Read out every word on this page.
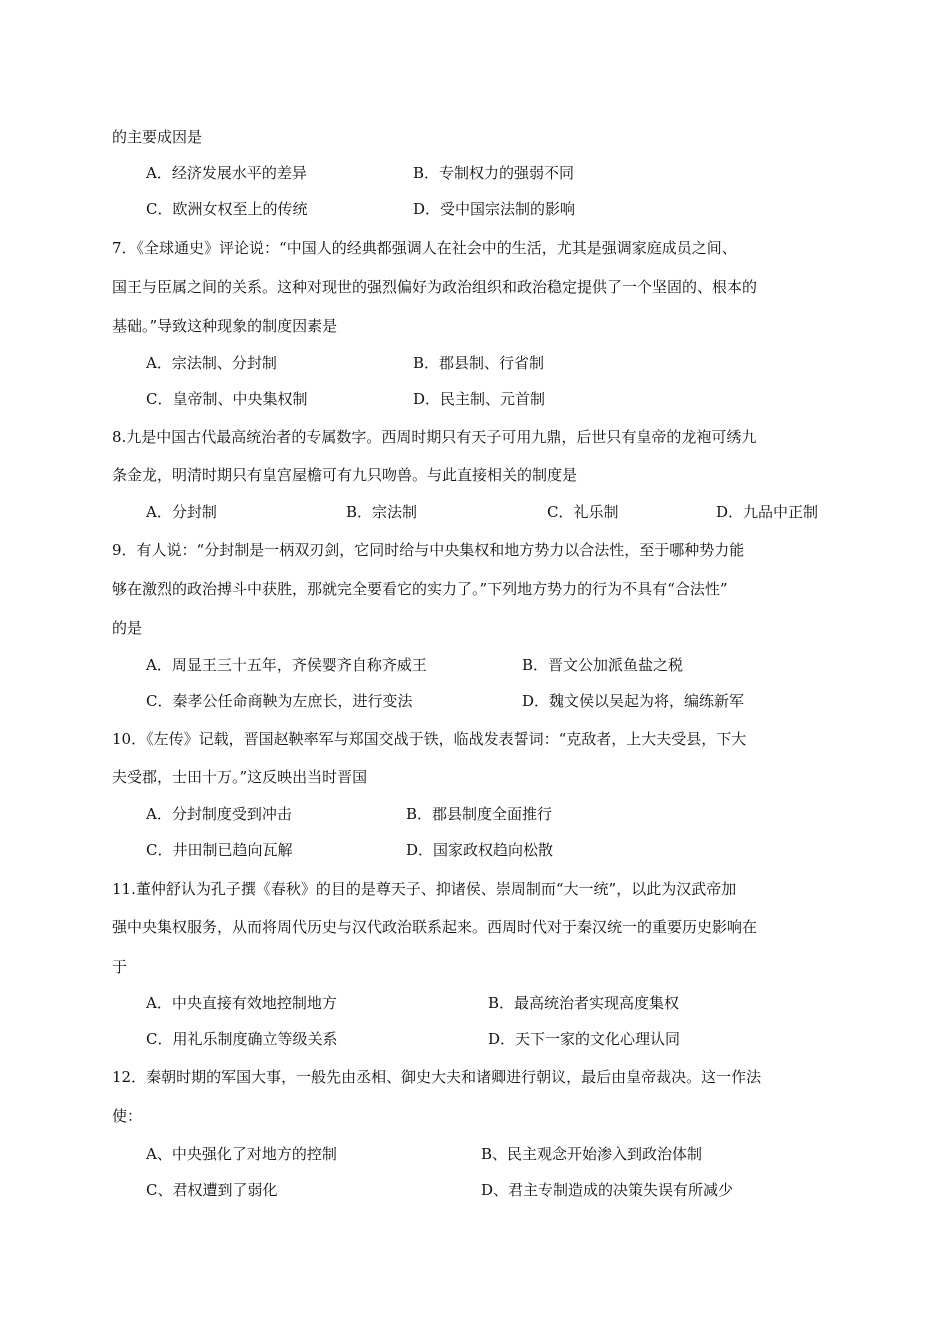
的主要成因是
A．经济发展水平的差异	B．专制权力的强弱不同
C．欧洲女权至上的传统	D．受中国宗法制的影响
7．《全球通史》评论说：“中国人的经典都强调人在社会中的生活，尤其是强调家庭成员之间、
国王与臣属之间的关系。这种对现世的强烈偏好为政治组织和政治稳定提供了一个坚固的、根本的
基础。”导致这种现象的制度因素是
A．宗法制、分封制	B．郡县制、行省制
C．皇帝制、中央集权制	D．民主制、元首制
8.九是中国古代最高统治者的专属数字。西周时期只有天子可用九鼎，后世只有皇帝的龙袍可绣九
条金龙，明清时期只有皇宫屋檐可有九只吻兽。与此直接相关的制度是
A．分封制	B．宗法制	C．礼乐制	D．九品中正制
9．有人说：“分封制是一柄双刃剑，它同时给与中央集权和地方势力以合法性，至于哪种势力能
够在激烈的政治搏斗中获胜，那就完全要看它的实力了。”下列地方势力的行为不具有“合法性”
的是
A．周显王三十五年，齐侯婴齐自称齐威王	B．晋文公加派鱼盐之税
C．秦孝公任命商鞅为左庶长，进行变法	D．魏文侯以吴起为将，编练新军
10．《左传》记载，晋国赵鞅率军与郑国交战于铁，临战发表誓词：“克敌者，上大夫受县，下大
夫受郡，士田十万。”这反映出当时晋国
A．分封制度受到冲击	B．郡县制度全面推行
C．井田制已趋向瓦解	D．国家政权趋向松散
11.董仲舒认为孔子撰《春秋》的目的是尊天子、抑诸侯、崇周制而“大一统”，以此为汉武帝加
强中央集权服务，从而将周代历史与汉代政治联系起来。西周时代对于秦汉统一的重要历史影响在
于
A．中央直接有效地控制地方	B．最高统治者实现高度集权
C．用礼乐制度确立等级关系	D．天下一家的文化心理认同
12．秦朝时期的军国大事，一般先由丞相、御史大夫和诸卿进行朝议，最后由皇帝裁决。这一作法
使：
A、中央强化了对地方的控制	B、民主观念开始渗入到政治体制
C、君权遭到了弱化	D、君主专制造成的决策失误有所减少
